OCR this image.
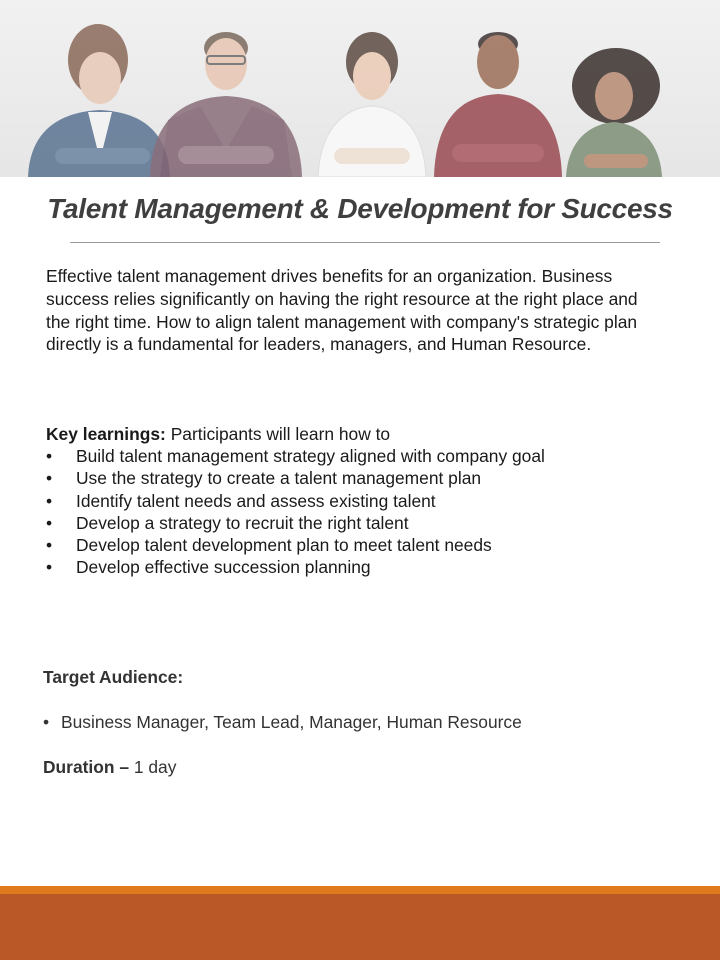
Talent Management & Development for Success

Effective talent management drives benefits for an organization. Business success relies significantly on having the right resource at the right place and the right time. How to align talent management with company's strategic plan directly is a fundamental for leaders, managers, and Human Resource.

Key learnings: Participants will learn how to

• Build talent management strategy aligned with company goal
• Use the strategy to create a talent management plan
• Identify talent needs and assess existing talent
• Develop a strategy to recruit the right talent
• Develop talent development plan to meet talent needs
• Develop effective succession planning

Target Audience:

• Business Manager, Team Lead, Manager, Human Resource

Duration – 1 day
